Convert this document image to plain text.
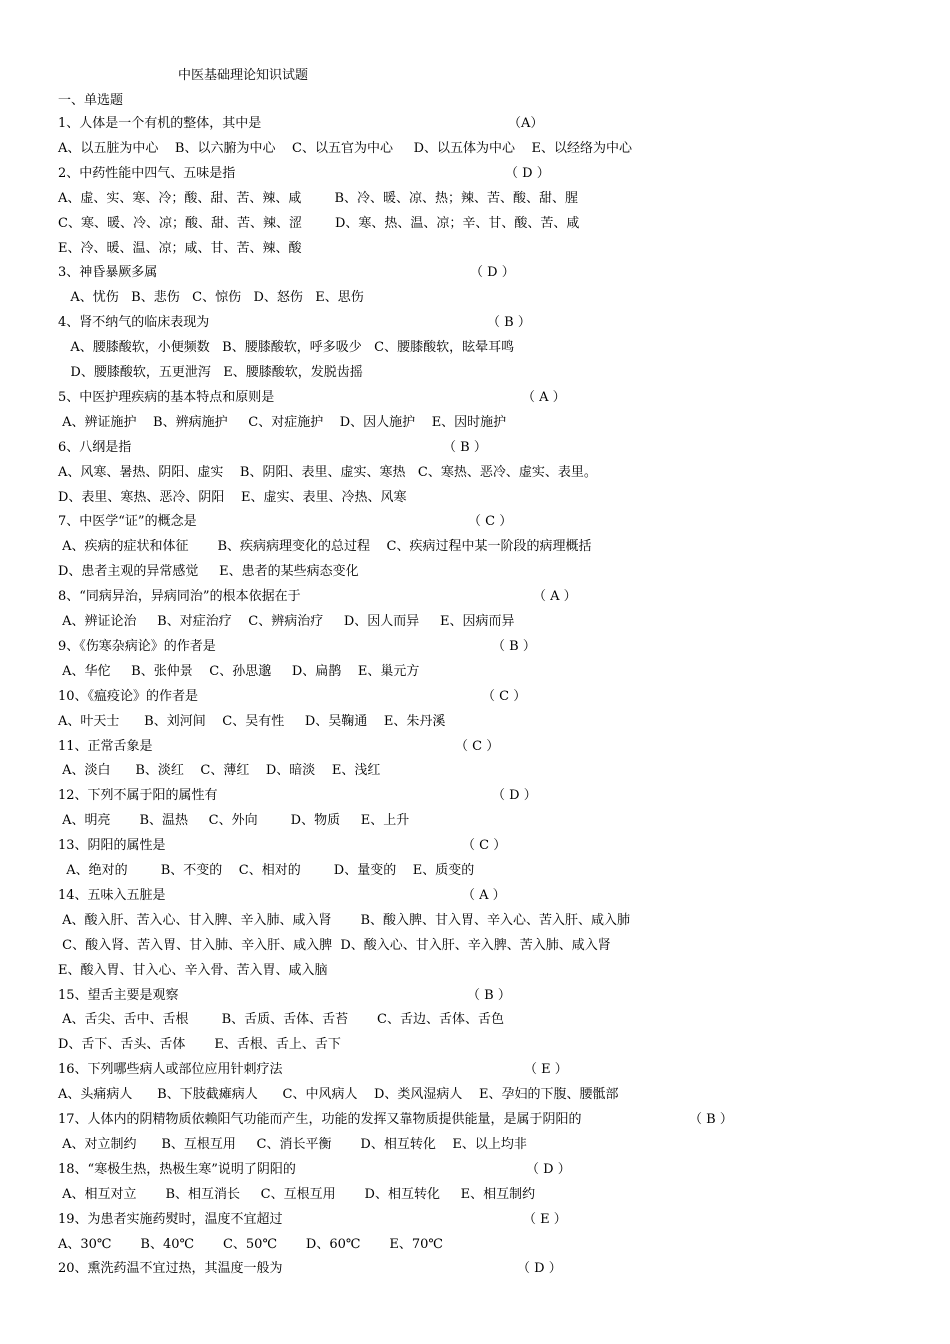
中医基础理论知识试题
一、单选题
1、人体是一个有机的整体，其中是	（A）
A、以五脏为中心    B、以六腑为中心    C、以五官为中心     D、以五体为中心    E、以经络为中心
2、中药性能中四气、五味是指	（ D ）
A、虚、实、寒、冷；酸、甜、苦、辣、咸        B、冷、暖、凉、热；辣、苦、酸、甜、腥
C、寒、暖、冷、凉；酸、甜、苦、辣、涩        D、寒、热、温、凉；辛、甘、酸、苦、咸
E、冷、暖、温、凉；咸、甘、苦、辣、酸
3、神昏暴厥多属	（ D ）
A、忧伤   B、悲伤   C、惊伤   D、怒伤   E、思伤
4、肾不纳气的临床表现为	（ B ）
A、腰膝酸软，小便频数   B、腰膝酸软，呼多吸少   C、腰膝酸软，眩晕耳鸣
D、腰膝酸软，五更泄泻   E、腰膝酸软，发脱齿摇
5、中医护理疾病的基本特点和原则是	（ A ）
A、辨证施护    B、辨病施护     C、对症施护    D、因人施护    E、因时施护
6、八纲是指	（ B ）
A、风寒、暑热、阴阳、虚实    B、阴阳、表里、虚实、寒热   C、寒热、恶冷、虚实、表里。
D、表里、寒热、恶冷、阴阳    E、虚实、表里、冷热、风寒
7、中医学“证”的概念是	（ C ）
A、疾病的症状和体征       B、疾病病理变化的总过程    C、疾病过程中某一阶段的病理概括
D、患者主观的异常感觉     E、患者的某些病态变化
8、“同病异治，异病同治”的根本依据在于	（ A ）
A、辨证论治     B、对症治疗    C、辨病治疗     D、因人而异     E、因病而异
9、《伤寒杂病论》的作者是	（ B ）
A、华佗     B、张仲景    C、孙思邈     D、扁鹊    E、巢元方
10、《瘟疫论》的作者是	（ C ）
A、叶天士      B、刘河间    C、吴有性     D、吴鞠通    E、朱丹溪
11、正常舌象是	（ C ）
A、淡白      B、淡红    C、薄红    D、暗淡    E、浅红
12、下列不属于阳的属性有	（ D ）
A、明亮       B、温热     C、外向        D、物质     E、上升
13、阴阳的属性是	（ C ）
A、绝对的        B、不变的    C、相对的        D、量变的    E、质变的
14、五味入五脏是	（ A ）
A、酸入肝、苦入心、甘入脾、辛入肺、咸入肾       B、酸入脾、甘入胃、辛入心、苦入肝、咸入肺
C、酸入肾、苦入胃、甘入肺、辛入肝、咸入脾  D、酸入心、甘入肝、辛入脾、苦入肺、咸入肾
E、酸入胃、甘入心、辛入骨、苦入胃、咸入脑
15、望舌主要是观察	（ B ）
A、舌尖、舌中、舌根        B、舌质、舌体、舌苔       C、舌边、舌体、舌色
D、舌下、舌头、舌体       E、舌根、舌上、舌下
16、下列哪些病人或部位应用针刺疗法	（ E ）
A、头痛病人      B、下肢截瘫病人      C、中风病人    D、类风湿病人    E、孕妇的下腹、腰骶部
17、人体内的阴精物质依赖阳气功能而产生，功能的发挥又靠物质提供能量，是属于阴阳的	（ B ）
A、对立制约      B、互根互用     C、消长平衡       D、相互转化    E、以上均非
18、“寒极生热，热极生寒”说明了阴阳的	（ D ）
A、相互对立       B、相互消长     C、互根互用       D、相互转化     E、相互制约
19、为患者实施药熨时，温度不宜超过	（ E ）
A、30℃       B、40℃       C、50℃       D、60℃       E、70℃
20、熏洗药温不宜过热，其温度一般为	（ D ）
